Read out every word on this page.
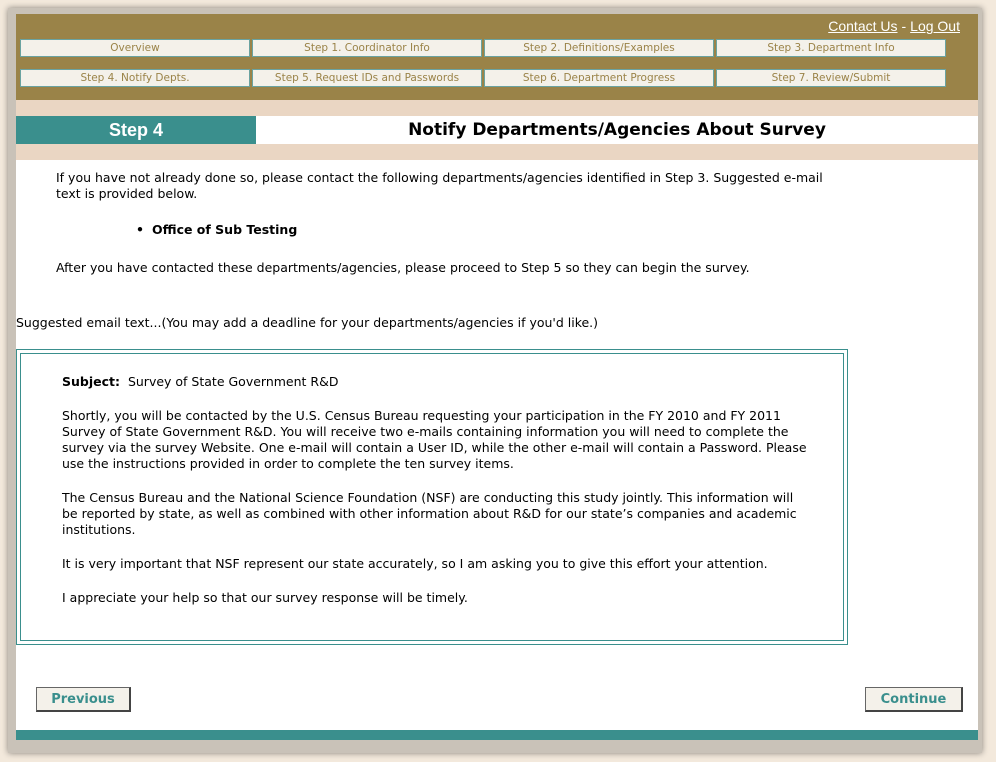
Contact Us - Log Out
Overview	Step 1. Coordinator Info	Step 2. Definitions/Examples	Step 3. Department Info
Step 4. Notify Depts.	Step 5. Request IDs and Passwords	Step 6. Department Progress	Step 7. Review/Submit
Step 4	Notify Departments/Agencies About Survey
If you have not already done so, please contact the following departments/agencies identified in Step 3. Suggested e-mail text is provided below.
• Office of Sub Testing
After you have contacted these departments/agencies, please proceed to Step 5 so they can begin the survey.
Suggested email text...(You may add a deadline for your departments/agencies if you'd like.)

Subject: Survey of State Government R&D

Shortly, you will be contacted by the U.S. Census Bureau requesting your participation in the FY 2010 and FY 2011 Survey of State Government R&D. You will receive two e-mails containing information you will need to complete the survey via the survey Website. One e-mail will contain a User ID, while the other e-mail will contain a Password. Please use the instructions provided in order to complete the ten survey items.

The Census Bureau and the National Science Foundation (NSF) are conducting this study jointly. This information will be reported by state, as well as combined with other information about R&D for our state’s companies and academic institutions.

It is very important that NSF represent our state accurately, so I am asking you to give this effort your attention.

I appreciate your help so that our survey response will be timely.

Previous	Continue
